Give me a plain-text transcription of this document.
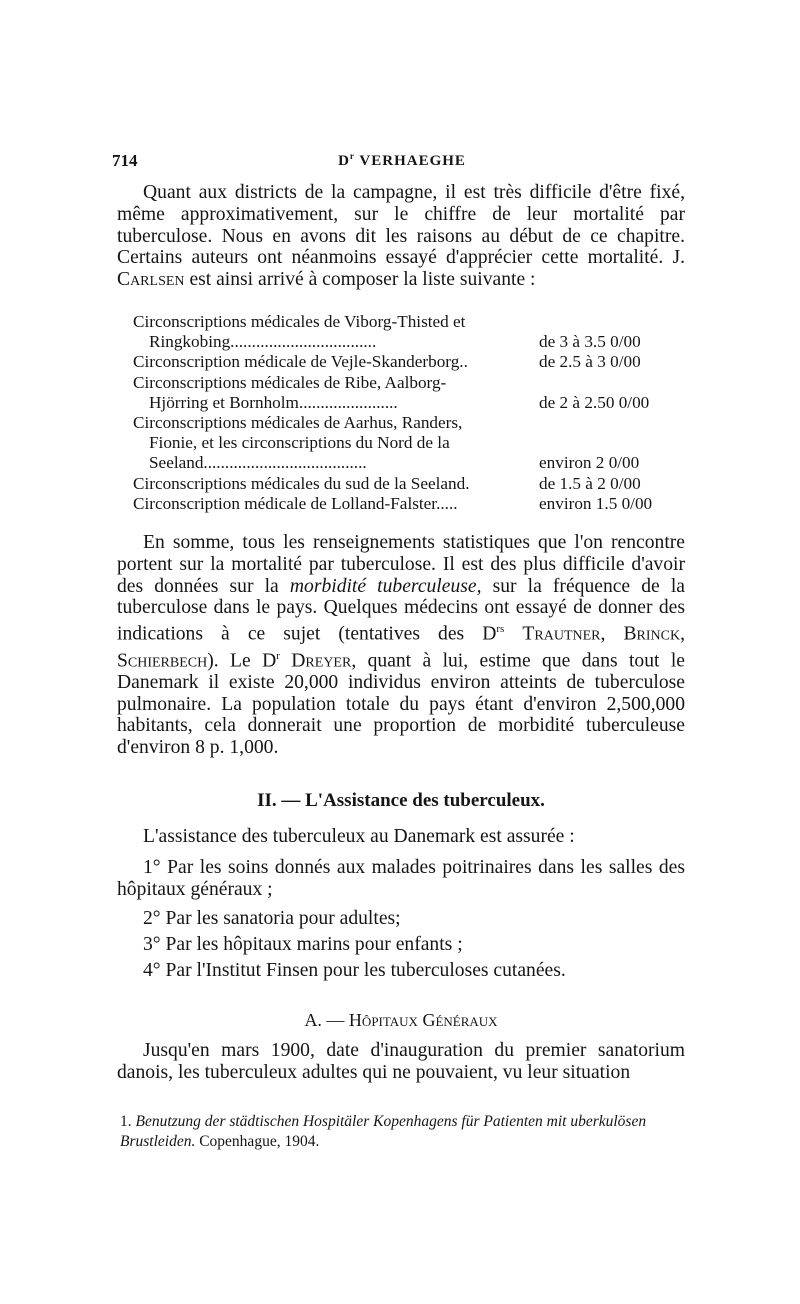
714	$D^r$ VERHAEGHE

Quant aux districts de la campagne, il est très difficile d'être fixé, même approximativement, sur le chiffre de leur mortalité par tuberculose. Nous en avons dit les raisons au début de ce chapitre. Certains auteurs ont néanmoins essayé d'apprécier cette mortalité. J. Carlsen est ainsi arrivé à composer la liste suivante :

Circonscriptions médicales de Viborg-Thisted et
Ringkobing..................................	de 3 à 3.5 0/00
Circonscription médicale de Vejle-Skanderborg..	de 2.5 à 3 0/00
Circonscriptions médicales de Ribe, Aalborg-
Hjörring et Bornholm.......................	de 2 à 2.50 0/00
Circonscriptions médicales de Aarhus, Randers,
Fionie, et les circonscriptions du Nord de la
Seeland......................................	environ 2 0/00
Circonscriptions médicales du sud de la Seeland.	de 1.5 à 2 0/00
Circonscription médicale de Lolland-Falster.....	environ 1.5 0/00

En somme, tous les renseignements statistiques que l'on rencontre portent sur la mortalité par tuberculose. Il est des plus difficile d'avoir des données sur la morbidité tuberculeuse, sur la fréquence de la tuberculose dans le pays. Quelques médecins ont essayé de donner des indications à ce sujet (tentatives des $D^{rs}$ Trautner, Brinck, Schierbech). Le $D^r$ Dreyer, quant à lui, estime que dans tout le Danemark il existe 20,000 individus environ atteints de tuberculose pulmonaire. La population totale du pays étant d'environ 2,500,000 habitants, cela donnerait une proportion de morbidité tuberculeuse d'environ 8 p. 1,000.

II. — L'Assistance des tuberculeux.

L'assistance des tuberculeux au Danemark est assurée :

1° Par les soins donnés aux malades poitrinaires dans les salles des hôpitaux généraux ;

2° Par les sanatoria pour adultes;

3° Par les hôpitaux marins pour enfants ;

4° Par l'Institut Finsen pour les tuberculoses cutanées.

A. — Hôpitaux Généraux

Jusqu'en mars 1900, date d'inauguration du premier sanatorium danois, les tuberculeux adultes qui ne pouvaient, vu leur situation

1. Benutzung der städtischen Hospitäler Kopenhagens für Patienten mit uberkulösen Brustleiden. Copenhague, 1904.
